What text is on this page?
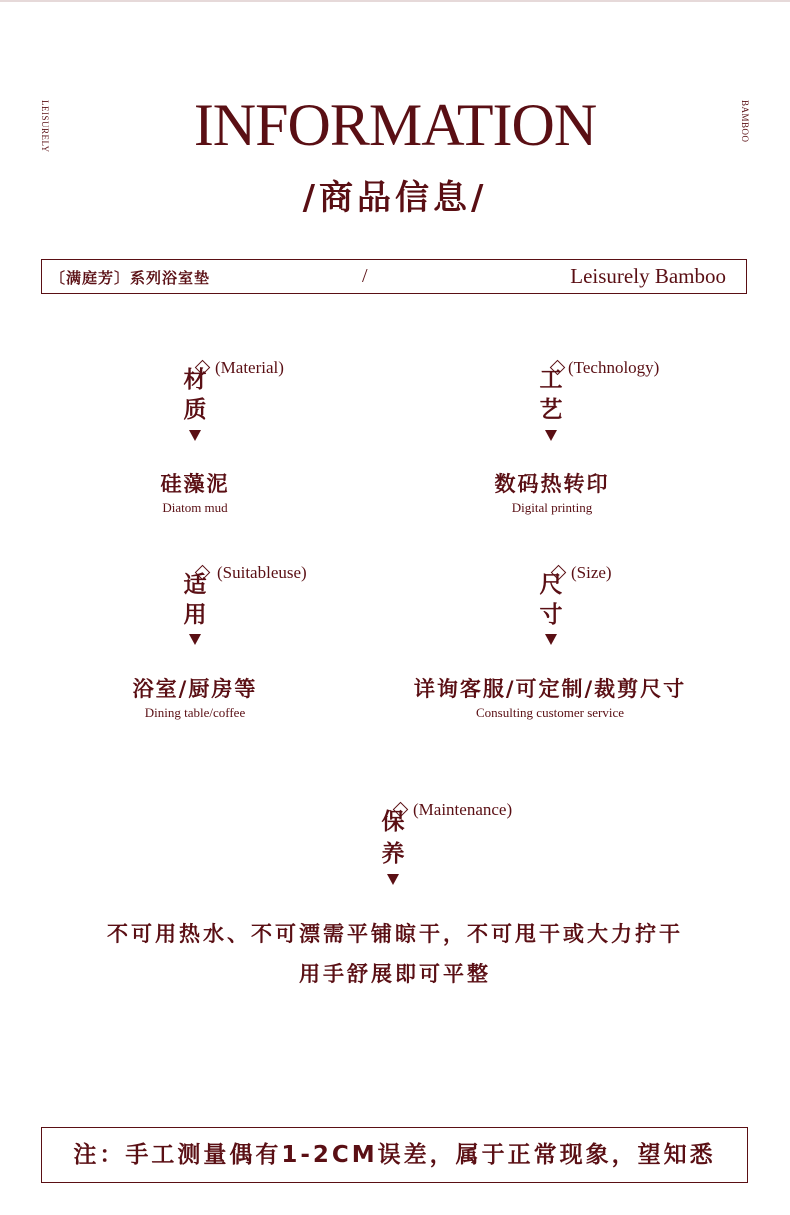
LEISURELY	BAMBOO
INFORMATION
/商品信息/
〔满庭芳〕系列浴室垫	/	Leisurely Bamboo
(Material)
材
质
硅藻泥
Diatom mud
(Technology)
工
艺
数码热转印
Digital printing
(Suitableuse)
适
用
浴室/厨房等
Dining table/coffee
(Size)
尺
寸
详询客服/可定制/裁剪尺寸
Consulting customer service
(Maintenance)
保
养
不可用热水、不可漂需平铺晾干，不可甩干或大力拧干
用手舒展即可平整
注：手工测量偶有1-2CM误差，属于正常现象，望知悉
